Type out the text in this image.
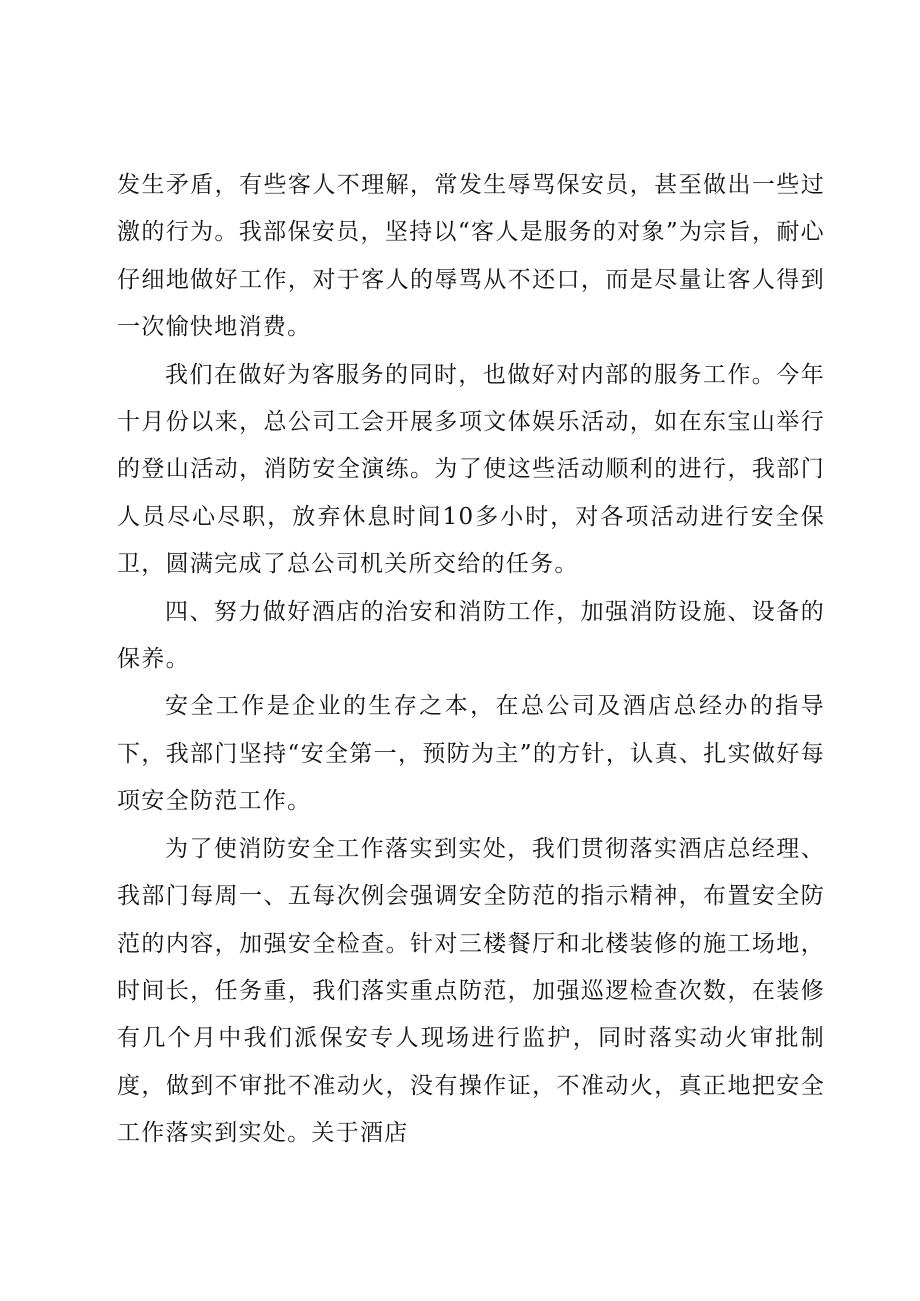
发生矛盾，有些客人不理解，常发生辱骂保安员，甚至做出一些过激的行为。我部保安员，坚持以“客人是服务的对象”为宗旨，耐心仔细地做好工作，对于客人的辱骂从不还口，而是尽量让客人得到一次愉快地消费。

我们在做好为客服务的同时，也做好对内部的服务工作。今年十月份以来，总公司工会开展多项文体娱乐活动，如在东宝山举行的登山活动，消防安全演练。为了使这些活动顺利的进行，我部门人员尽心尽职，放弃休息时间10多小时，对各项活动进行安全保卫，圆满完成了总公司机关所交给的任务。

四、努力做好酒店的治安和消防工作，加强消防设施、设备的保养。

安全工作是企业的生存之本，在总公司及酒店总经办的指导下，我部门坚持“安全第一，预防为主”的方针，认真、扎实做好每项安全防范工作。

为了使消防安全工作落实到实处，我们贯彻落实酒店总经理、我部门每周一、五每次例会强调安全防范的指示精神，布置安全防范的内容，加强安全检查。针对三楼餐厅和北楼装修的施工场地，时间长，任务重，我们落实重点防范，加强巡逻检查次数，在装修有几个月中我们派保安专人现场进行监护，同时落实动火审批制度，做到不审批不准动火，没有操作证，不准动火，真正地把安全工作落实到实处。关于酒店
